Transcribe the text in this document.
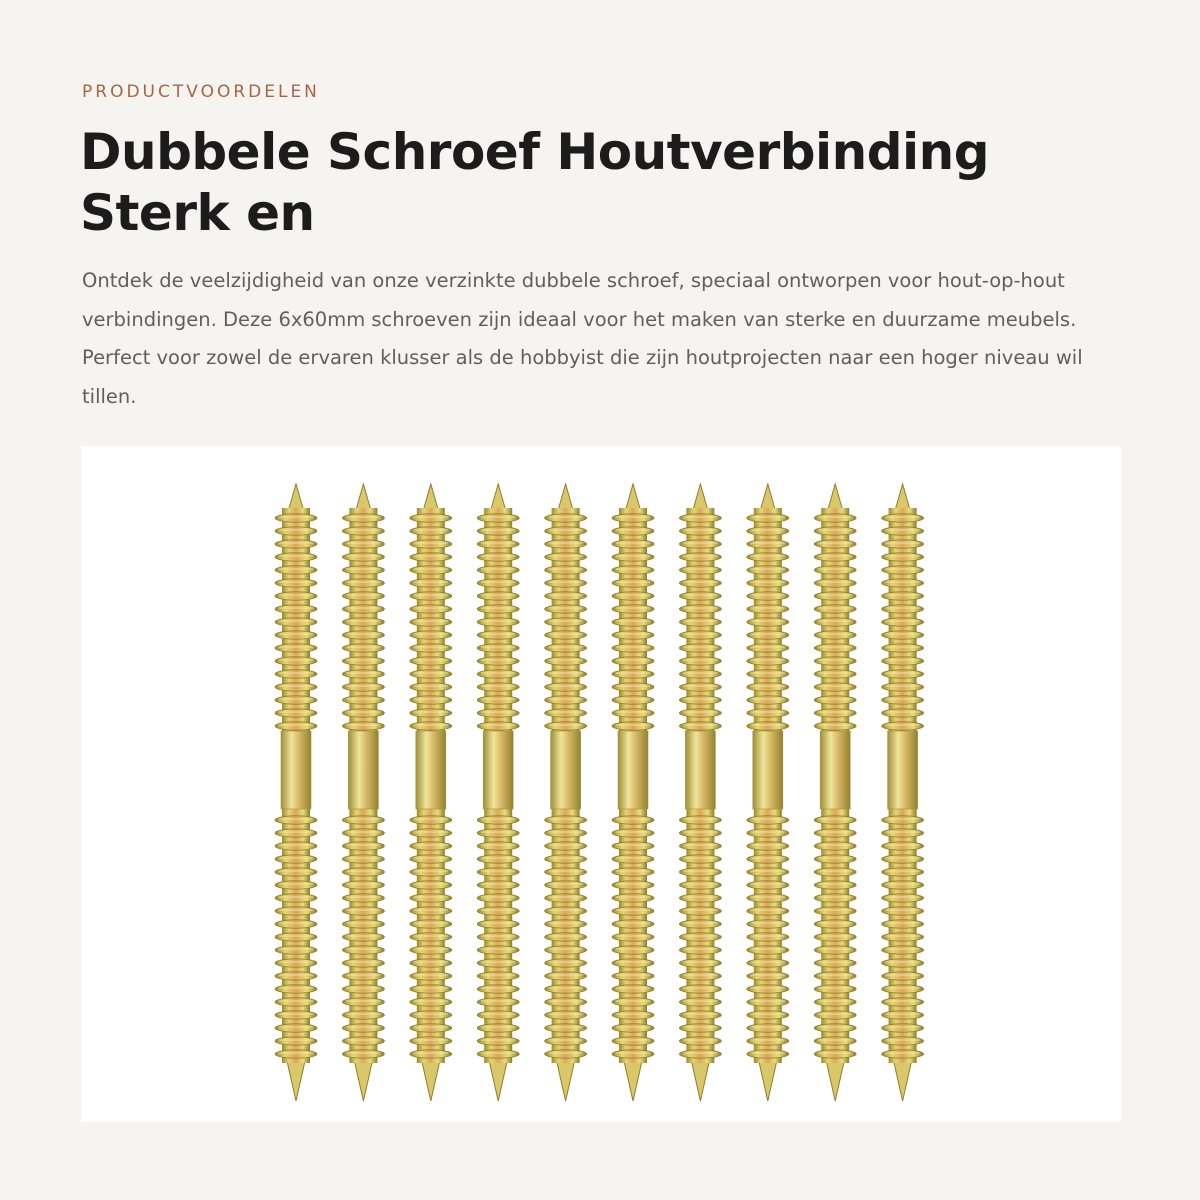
PRODUCTVOORDELEN

Dubbele Schroef Houtverbinding Sterk en

Ontdek de veelzijdigheid van onze verzinkte dubbele schroef, speciaal ontworpen voor hout-op-hout verbindingen. Deze 6x60mm schroeven zijn ideaal voor het maken van sterke en duurzame meubels. Perfect voor zowel de ervaren klusser als de hobbyist die zijn houtprojecten naar een hoger niveau wil tillen.
